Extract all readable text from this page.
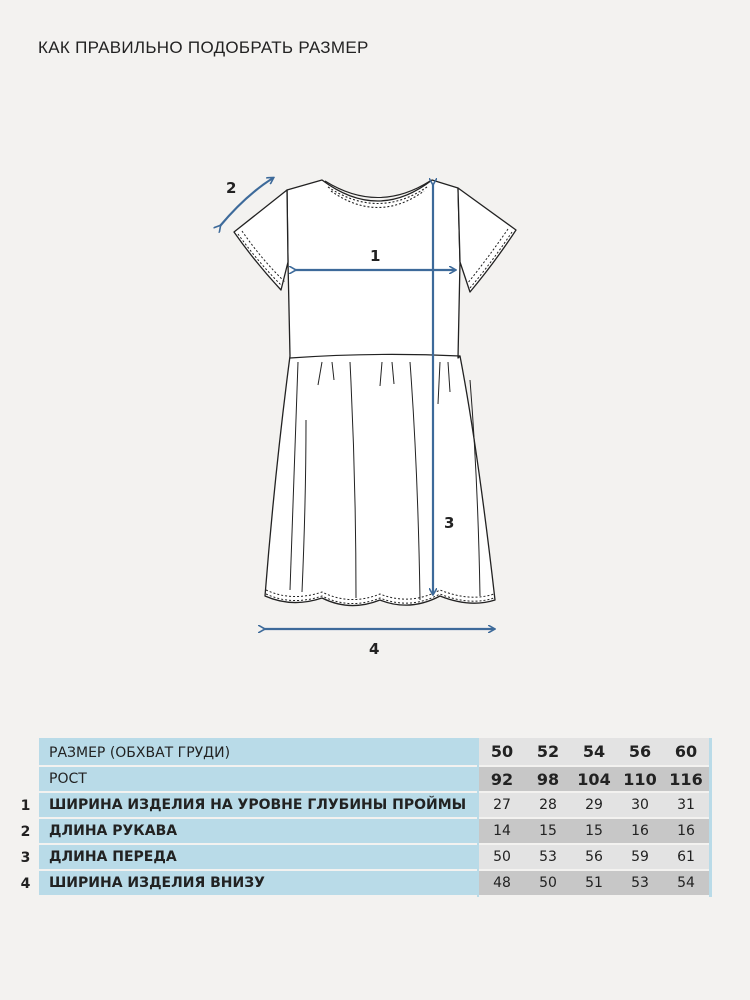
КАК ПРАВИЛЬНО ПОДОБРАТЬ РАЗМЕР
1
2
3
4
	РАЗМЕР (ОБХВАТ ГРУДИ)		50	52	54	56	60	
	РОСТ		92	98	104	110	116	
1	ШИРИНА ИЗДЕЛИЯ НА УРОВНЕ ГЛУБИНЫ ПРОЙМЫ		27	28	29	30	31	
2	ДЛИНА РУКАВА		14	15	15	16	16	
3	ДЛИНА ПЕРЕДА		50	53	56	59	61	
4	ШИРИНА ИЗДЕЛИЯ ВНИЗУ		48	50	51	53	54	
